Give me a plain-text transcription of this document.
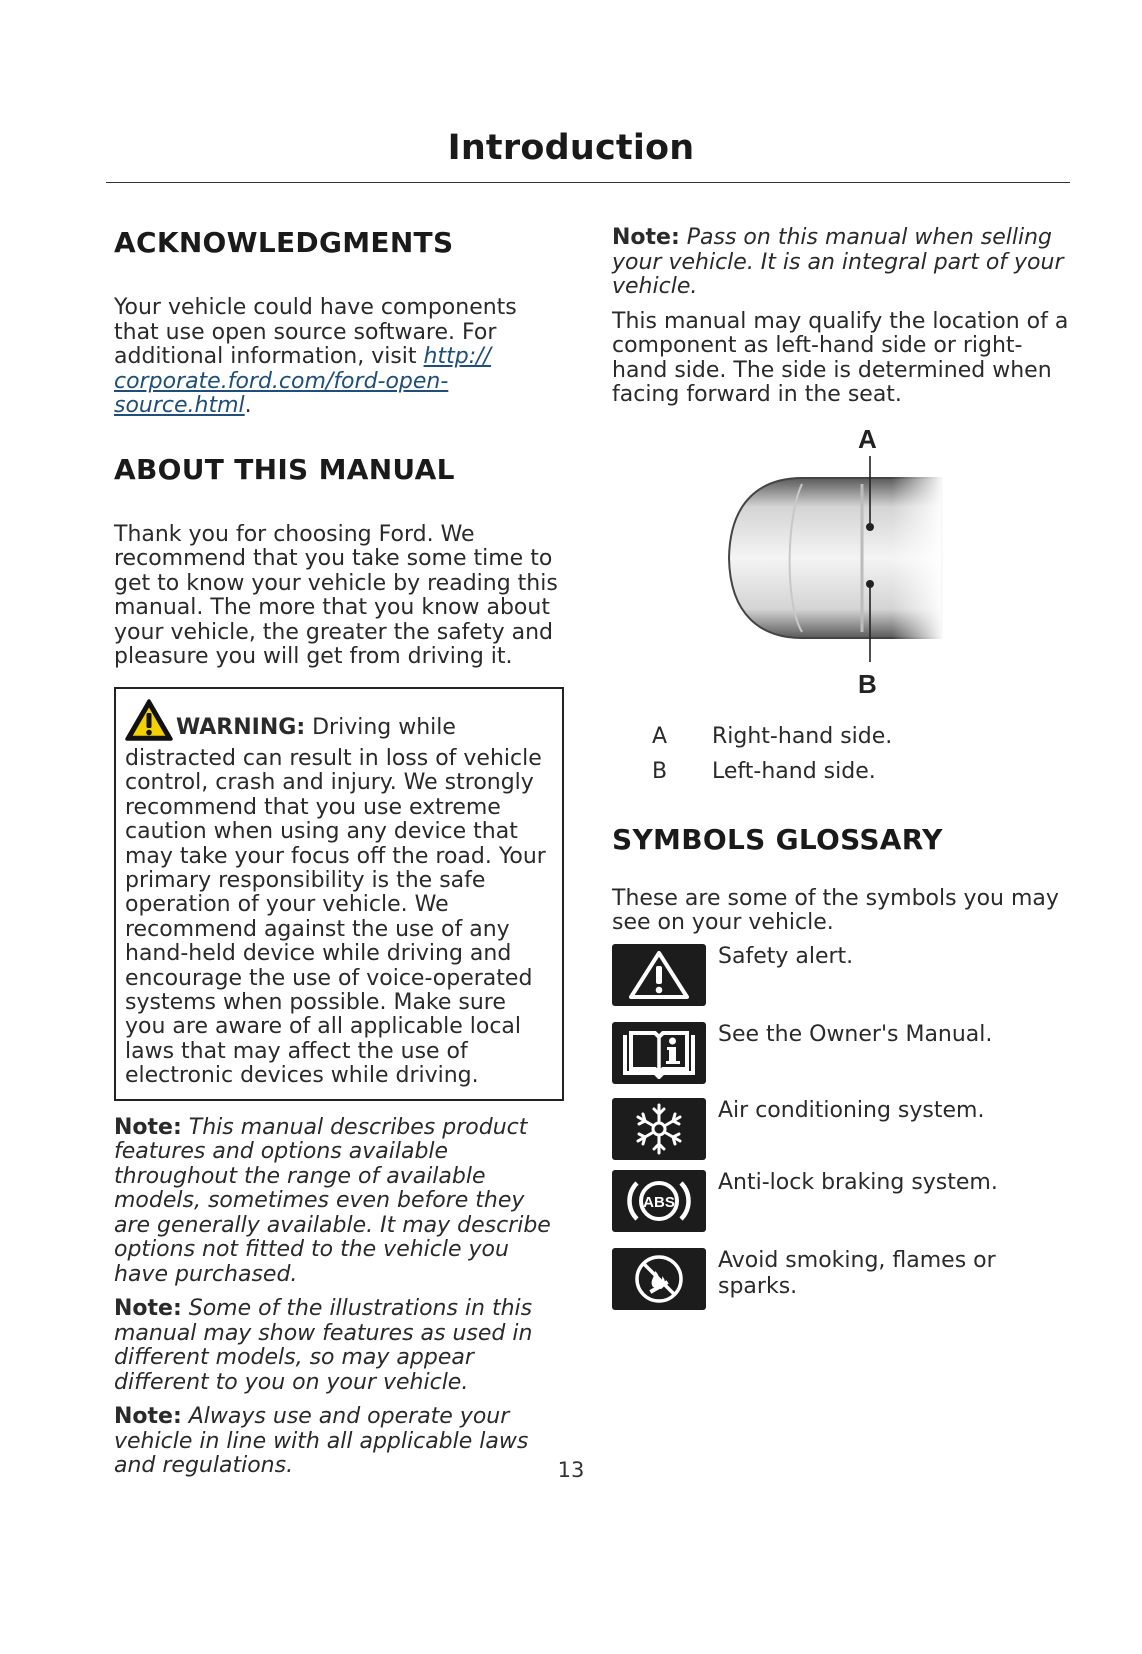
Introduction
ACKNOWLEDGMENTS

Your vehicle could have components that use open source software. For additional information, visit http://
corporate.ford.com/ford-open-source.html.

ABOUT THIS MANUAL

Thank you for choosing Ford. We recommend that you take some time to get to know your vehicle by reading this manual. The more that you know about your vehicle, the greater the safety and pleasure you will get from driving it.

WARNING: Driving while distracted can result in loss of vehicle control, crash and injury. We strongly recommend that you use extreme caution when using any device that may take your focus off the road. Your primary responsibility is the safe operation of your vehicle. We recommend against the use of any hand-held device while driving and encourage the use of voice-operated systems when possible. Make sure you are aware of all applicable local laws that may affect the use of electronic devices while driving.

Note: This manual describes product features and options available throughout the range of available models, sometimes even before they are generally available. It may describe options not fitted to the vehicle you have purchased.

Note: Some of the illustrations in this manual may show features as used in different models, so may appear different to you on your vehicle.

Note: Always use and operate your vehicle in line with all applicable laws and regulations.

Note: Pass on this manual when selling your vehicle. It is an integral part of your vehicle.

This manual may qualify the location of a component as left-hand side or right-hand side. The side is determined when facing forward in the seat.

A
B
A	Right-hand side.
B	Left-hand side.
SYMBOLS GLOSSARY

These are some of the symbols you may see on your vehicle.

Safety alert.
See the Owner's Manual.
Air conditioning system.
ABS
Anti-lock braking system.
Avoid smoking, flames or sparks.
13
